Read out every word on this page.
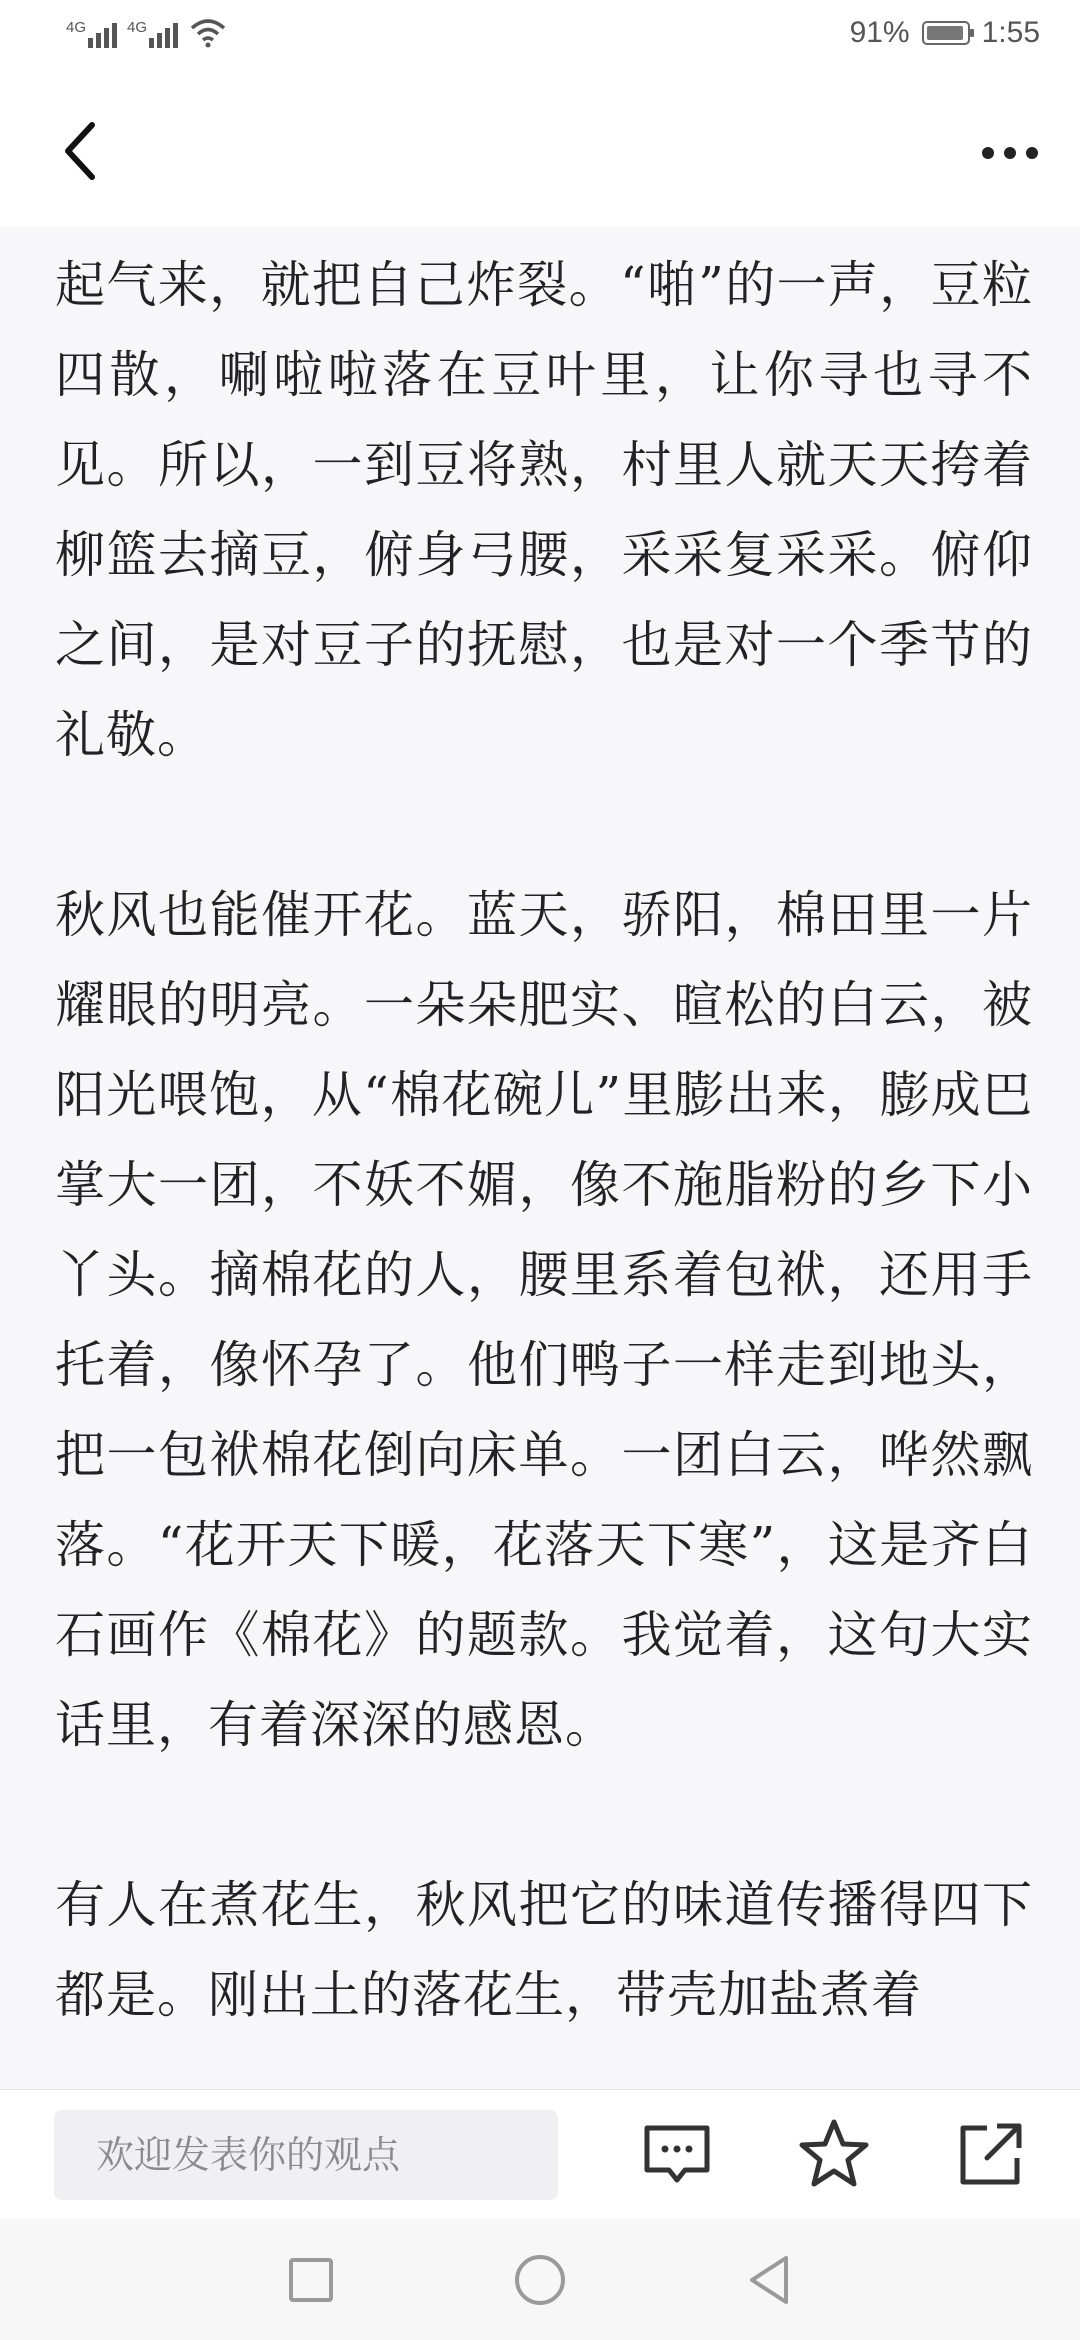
4G	4G	91% 1:55

起气来，就把自己炸裂。“啪”的一声，豆粒四散，唰啦啦落在豆叶里，让你寻也寻不见。所以，一到豆将熟，村里人就天天挎着柳篮去摘豆，俯身弓腰，采采复采采。俯仰之间，是对豆子的抚慰，也是对一个季节的礼敬。

秋风也能催开花。蓝天，骄阳，棉田里一片耀眼的明亮。一朵朵肥实、暄松的白云，被阳光喂饱，从“棉花碗儿”里膨出来，膨成巴掌大一团，不妖不媚，像不施脂粉的乡下小丫头。摘棉花的人，腰里系着包袱，还用手托着，像怀孕了。他们鸭子一样走到地头，把一包袱棉花倒向床单。一团白云，哗然飘落。“花开天下暖，花落天下寒”，这是齐白石画作《棉花》的题款。我觉着，这句大实话里，有着深深的感恩。

有人在煮花生，秋风把它的味道传播得四下都是。刚出土的落花生，带壳加盐煮着

欢迎发表你的观点
